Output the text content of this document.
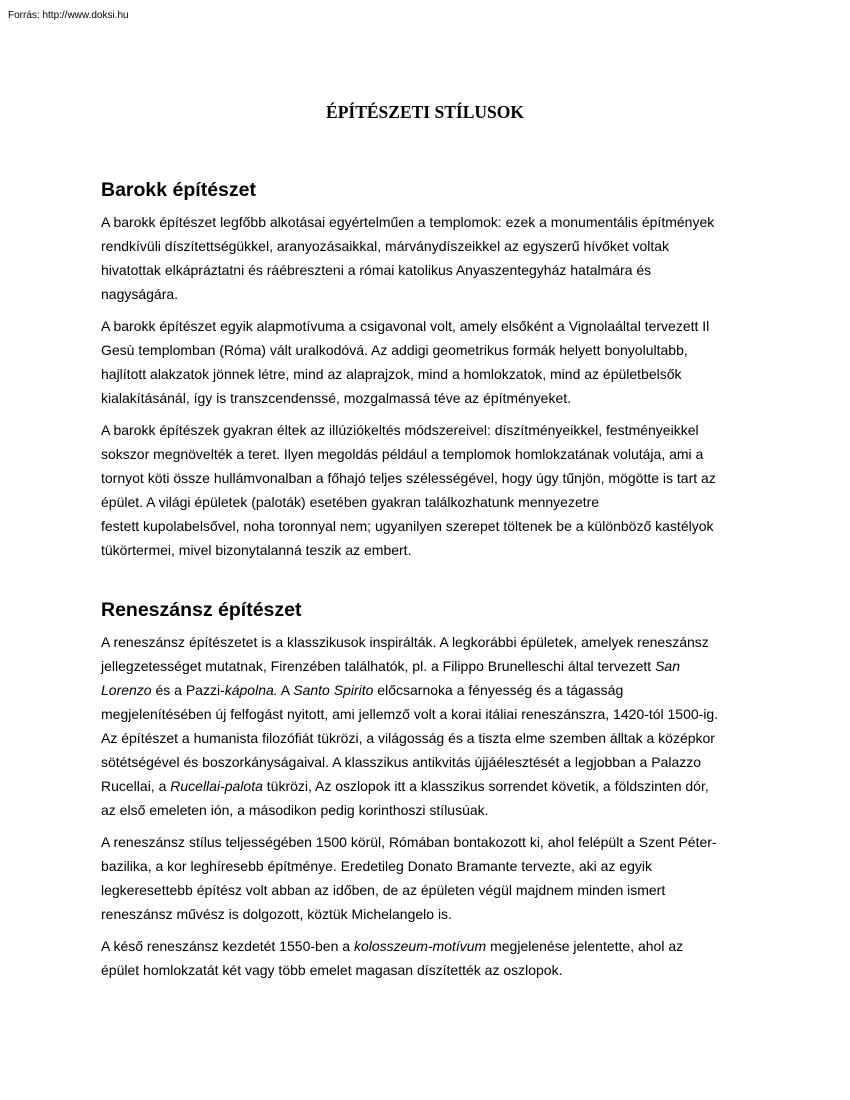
Forrás: http://www.doksi.hu
ÉPÍTÉSZETI STÍLUSOK
Barokk építészet
A barokk építészet legfőbb alkotásai egyértelműen a templomok: ezek a monumentális építmények
rendkívüli díszítettségükkel, aranyozásaikkal, márványdíszeikkel az egyszerű hívőket voltak
hivatottak elkápráztatni és ráébreszteni a római katolikus Anyaszentegyház hatalmára és
nagyságára.
A barokk építészet egyik alapmotívuma a csigavonal volt, amely elsőként a Vignolaáltal tervezett Il
Gesù templomban (Róma) vált uralkodóvá. Az addigi geometrikus formák helyett bonyolultabb,
hajlított alakzatok jönnek létre, mind az alaprajzok, mind a homlokzatok, mind az épületbelsők
kialakításánál, így is transzcendenssé, mozgalmassá téve az építményeket.
A barokk építészek gyakran éltek az illúziókeltés módszereivel: díszítményeikkel, festményeikkel
sokszor megnövelték a teret. Ilyen megoldás például a templomok homlokzatának volutája, ami a
tornyot köti össze hullámvonalban a főhajó teljes szélességével, hogy úgy tűnjön, mögötte is tart az
épület. A világi épületek (paloták) esetében gyakran találkozhatunk mennyezetre
festett kupolabelsővel, noha toronnyal nem; ugyanilyen szerepet töltenek be a különböző kastélyok
tükörtermei, mivel bizonytalanná teszik az embert.
Reneszánsz építészet
A reneszánsz építészetet is a klasszikusok inspirálták. A legkorábbi épületek, amelyek reneszánsz
jellegzetességet mutatnak, Firenzében találhatók, pl. a Filippo Brunelleschi által tervezett San
Lorenzo és a Pazzi-kápolna. A Santo Spirito előcsarnoka a fényesség és a tágasság
megjelenítésében új felfogást nyitott, ami jellemző volt a korai itáliai reneszánszra, 1420-tól 1500-ig.
Az építészet a humanista filozófiát tükrözi, a világosság és a tiszta elme szemben álltak a középkor
sötétségével és boszorkányságaival. A klasszikus antikvitás újjáélesztését a legjobban a Palazzo
Rucellai, a Rucellai-palota tükrözi, Az oszlopok itt a klasszikus sorrendet követik, a földszinten dór,
az első emeleten ión, a másodikon pedig korinthoszi stílusúak.
A reneszánsz stílus teljességében 1500 körül, Rómában bontakozott ki, ahol felépült a Szent Péter-
bazilika, a kor leghíresebb építménye. Eredetileg Donato Bramante tervezte, aki az egyik
legkeresettebb építész volt abban az időben, de az épületen végül majdnem minden ismert
reneszánsz művész is dolgozott, köztük Michelangelo is.
A késő reneszánsz kezdetét 1550-ben a kolosszeum-motívum megjelenése jelentette, ahol az
épület homlokzatát két vagy több emelet magasan díszítették az oszlopok.
